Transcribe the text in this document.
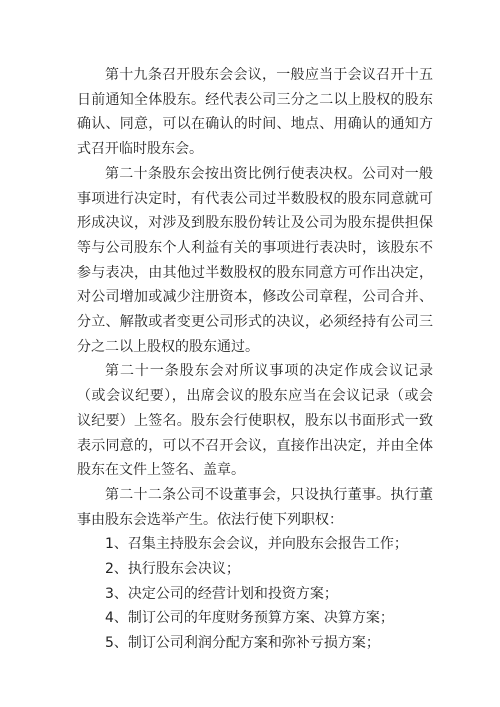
第十九条召开股东会会议，一般应当于会议召开十五日前通知全体股东。经代表公司三分之二以上股权的股东确认、同意，可以在确认的时间、地点、用确认的通知方式召开临时股东会。

第二十条股东会按出资比例行使表决权。公司对一般事项进行决定时，有代表公司过半数股权的股东同意就可形成决议，对涉及到股东股份转让及公司为股东提供担保等与公司股东个人利益有关的事项进行表决时，该股东不参与表决，由其他过半数股权的股东同意方可作出决定，对公司增加或减少注册资本，修改公司章程，公司合并、分立、解散或者变更公司形式的决议，必须经持有公司三分之二以上股权的股东通过。

第二十一条股东会对所议事项的决定作成会议记录（或会议纪要），出席会议的股东应当在会议记录（或会议纪要）上签名。股东会行使职权，股东以书面形式一致表示同意的，可以不召开会议，直接作出决定，并由全体股东在文件上签名、盖章。

第二十二条公司不设董事会，只设执行董事。执行董事由股东会选举产生。依法行使下列职权：

1、召集主持股东会会议，并向股东会报告工作；

2、执行股东会决议；

3、决定公司的经营计划和投资方案；

4、制订公司的年度财务预算方案、决算方案；

5、制订公司利润分配方案和弥补亏损方案；
